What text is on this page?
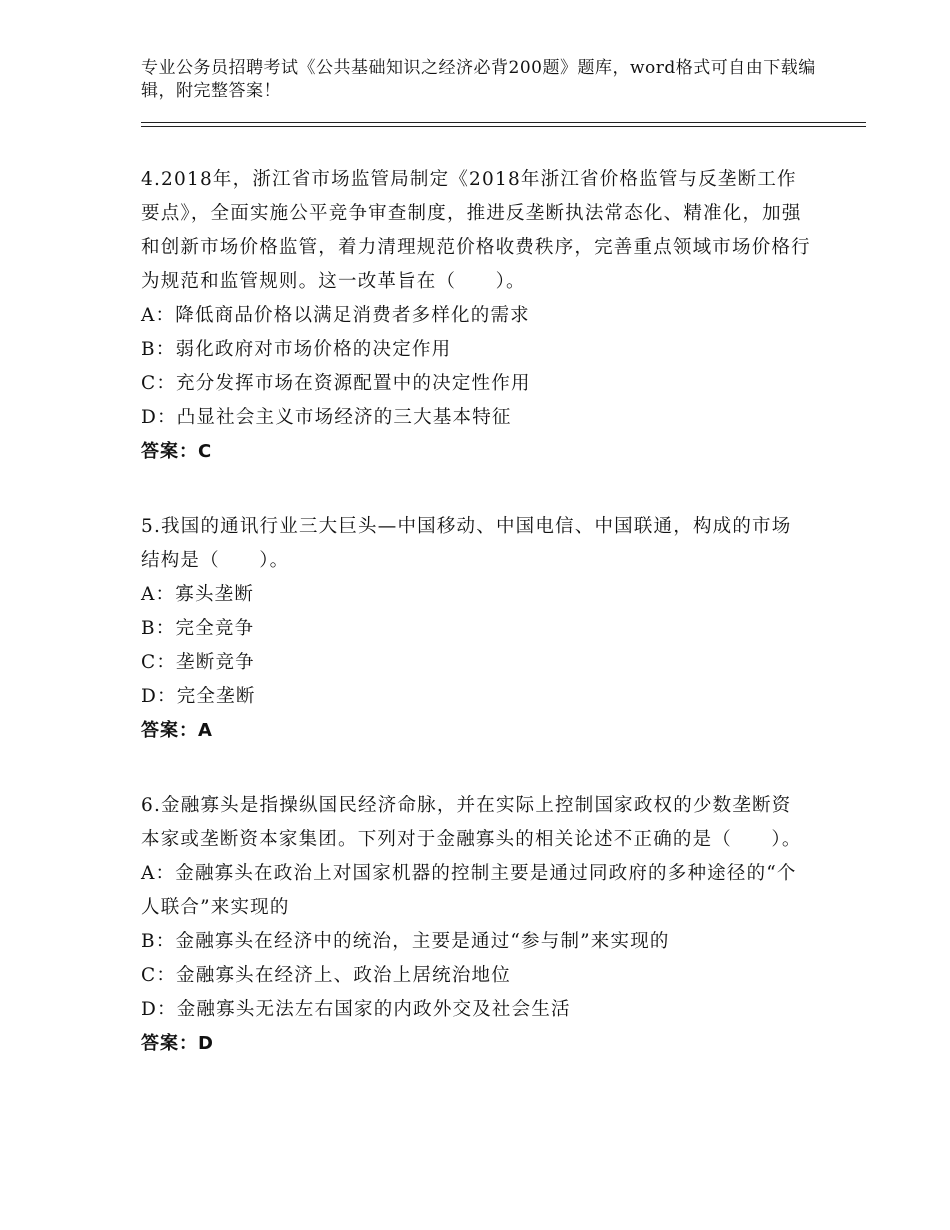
专业公务员招聘考试《公共基础知识之经济必背200题》题库，word格式可自由下载编辑，附完整答案！
4.2018年，浙江省市场监管局制定《2018年浙江省价格监管与反垄断工作要点》，全面实施公平竞争审查制度，推进反垄断执法常态化、精准化，加强和创新市场价格监管，着力清理规范价格收费秩序，完善重点领域市场价格行为规范和监管规则。这一改革旨在（　　）。
A：降低商品价格以满足消费者多样化的需求
B：弱化政府对市场价格的决定作用
C：充分发挥市场在资源配置中的决定性作用
D：凸显社会主义市场经济的三大基本特征
答案：C
5.我国的通讯行业三大巨头—中国移动、中国电信、中国联通，构成的市场结构是（　　）。
A：寡头垄断
B：完全竞争
C：垄断竞争
D：完全垄断
答案：A
6.金融寡头是指操纵国民经济命脉，并在实际上控制国家政权的少数垄断资本家或垄断资本家集团。下列对于金融寡头的相关论述不正确的是（　　）。
A：金融寡头在政治上对国家机器的控制主要是通过同政府的多种途径的“个人联合”来实现的
B：金融寡头在经济中的统治，主要是通过“参与制”来实现的
C：金融寡头在经济上、政治上居统治地位
D：金融寡头无法左右国家的内政外交及社会生活
答案：D
